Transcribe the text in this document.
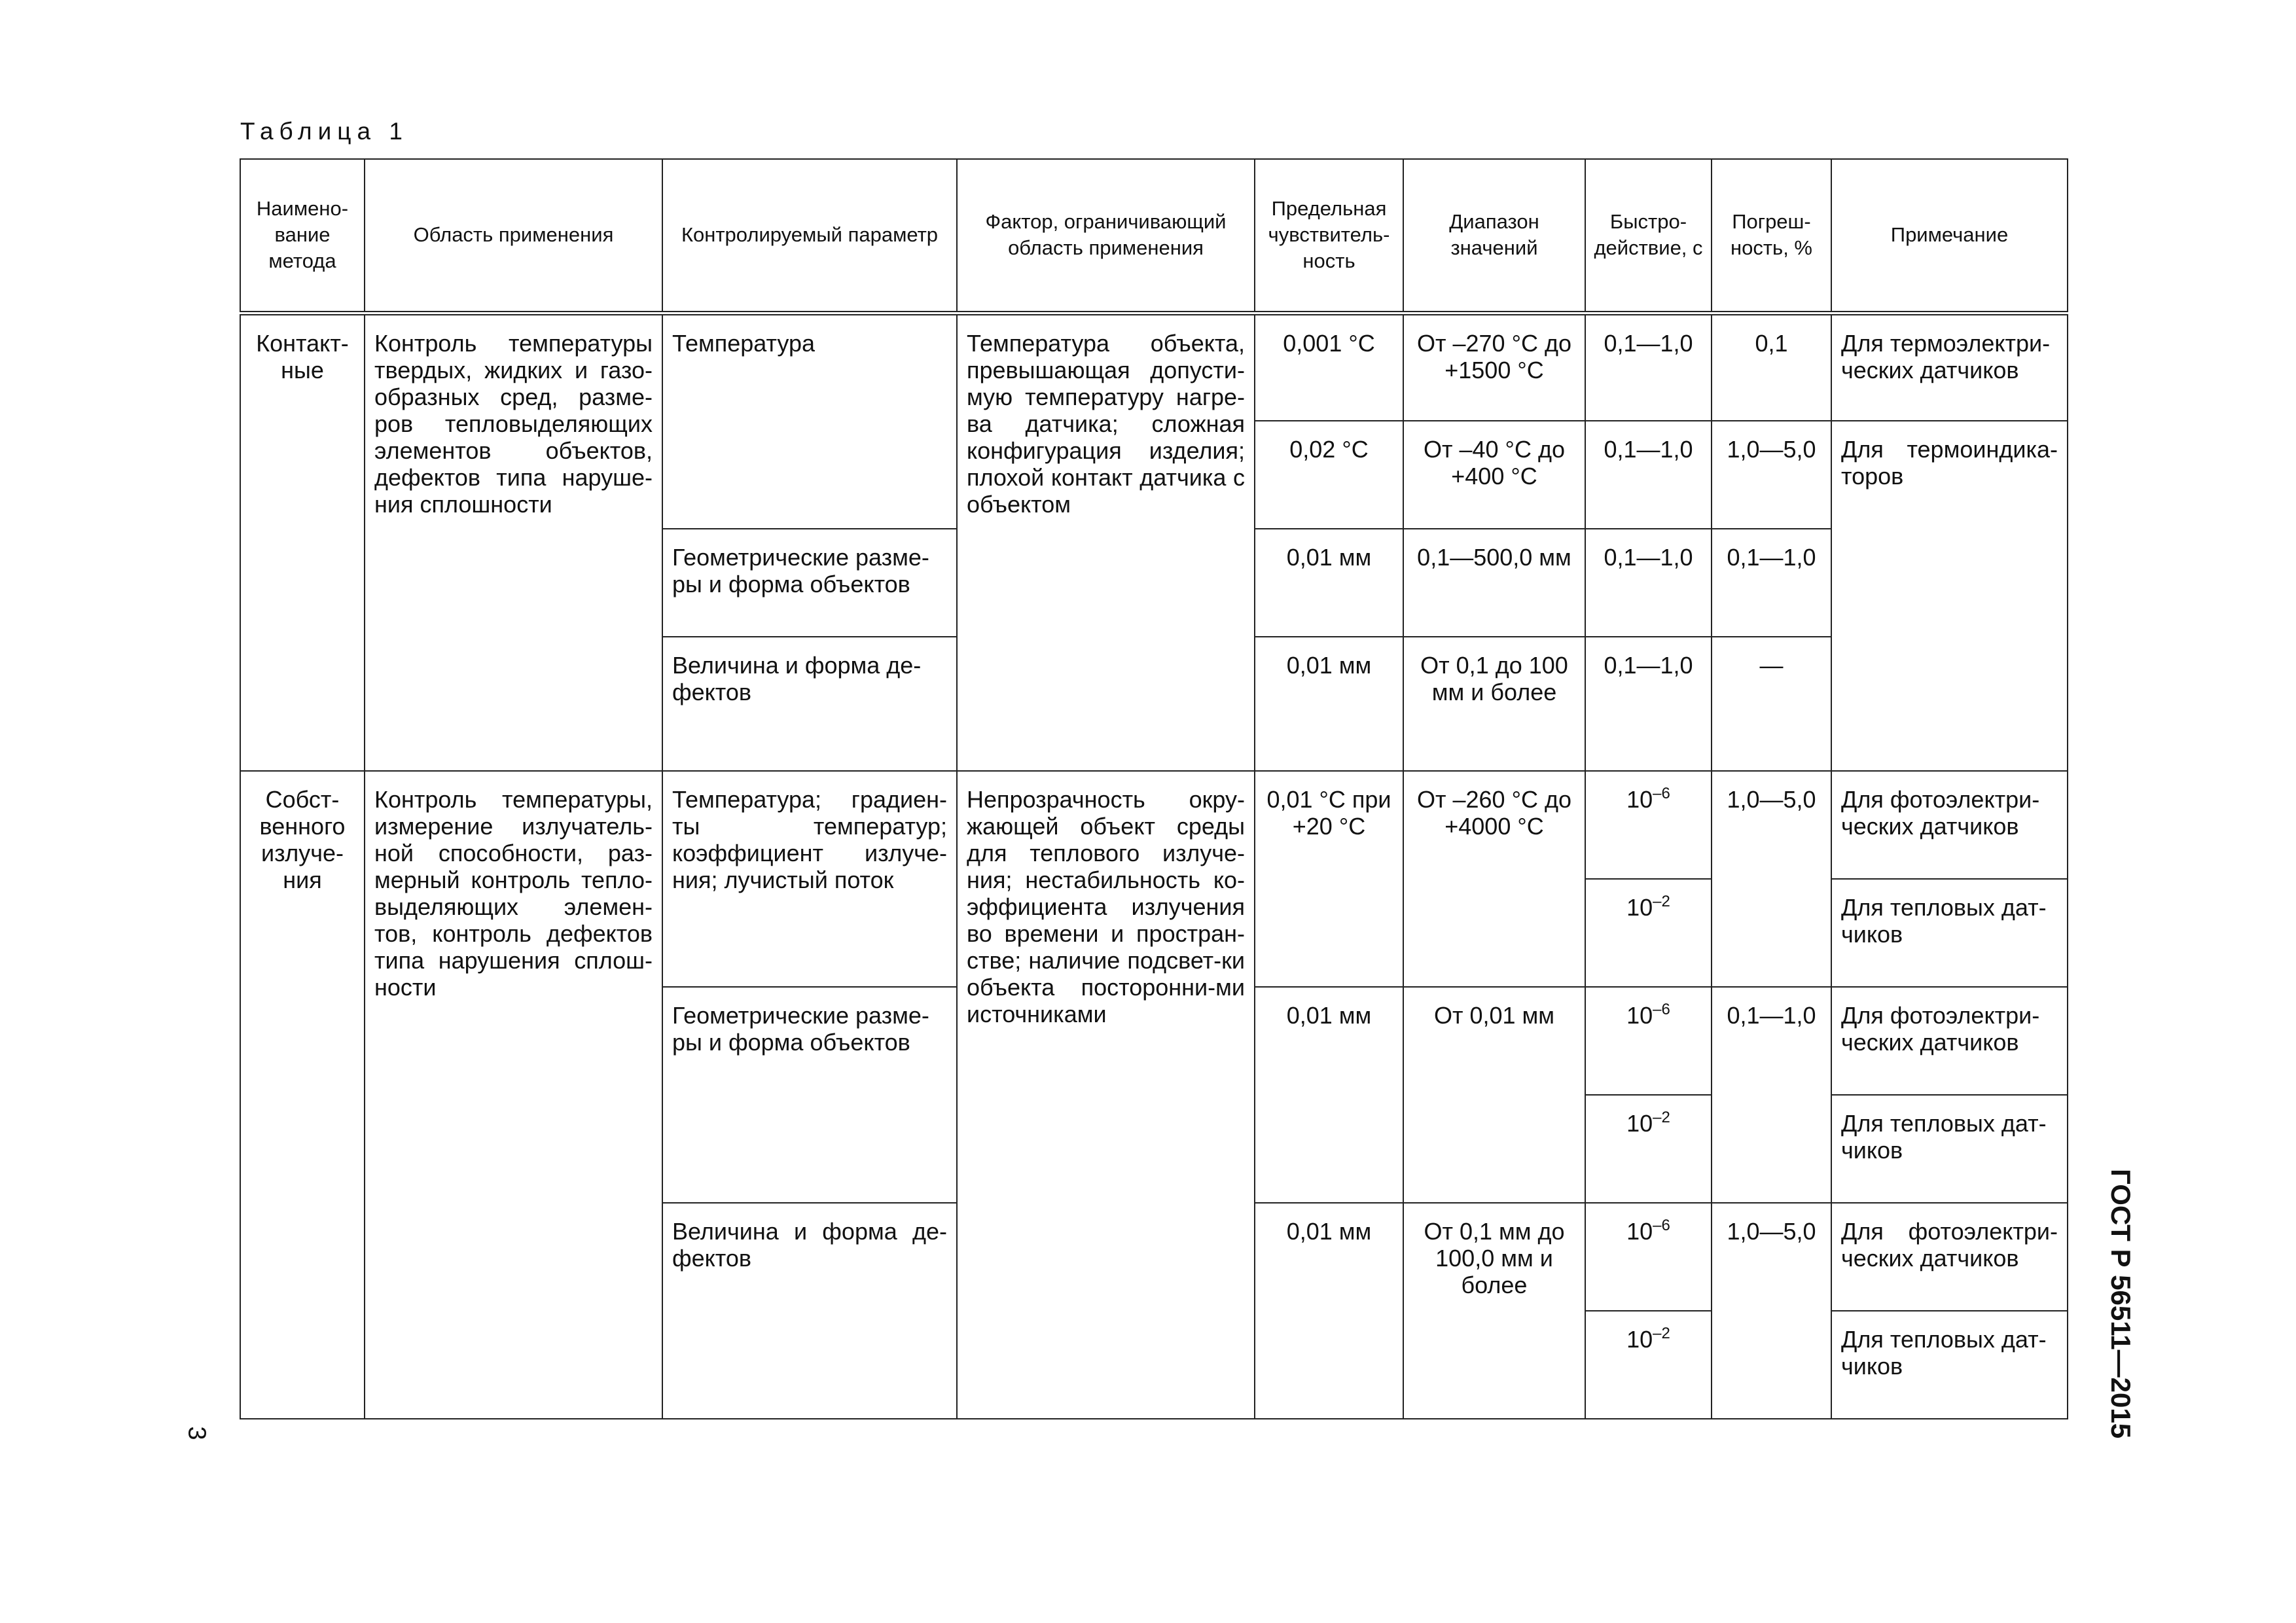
Таблица 1
Наимено-вание метода	Область применения	Контролируемый параметр	Фактор, ограничивающий область применения	Предельная чувствитель-ность	Диапазон значений	Быстро-действие, с	Погреш-ность, %	Примечание
Контакт-ные	Контроль температуры твердых, жидких и газо-образных сред, разме-ров тепловыделяющих элементов объектов, дефектов типа наруше-ния сплошности	Температура	Температура объекта, превышающая допусти-мую температуру нагре-ва датчика; сложная конфигурация изделия; плохой контакт датчика с объектом	0,001 °С	От –270 °С до +1500 °С	0,1—1,0	0,1	Для термоэлектри-ческих датчиков
				0,02 °С	От –40 °С до +400 °С	0,1—1,0	1,0—5,0	Для термоиндика-торов
		Геометрические разме-ры и форма объектов		0,01 мм	0,1—500,0 мм	0,1—1,0	0,1—1,0	
		Величина и форма де-фектов		0,01 мм	От 0,1 до 100 мм и более	0,1—1,0	—	
Собст-венного излуче-ния	Контроль температуры, измерение излучатель-ной способности, раз-мерный контроль тепло-выделяющих элемен-тов, контроль дефектов типа нарушения сплош-ности	Температура; градиен-ты температур; коэффициент излуче-ния; лучистый поток	Непрозрачность окру-жающей объект среды для теплового излуче-ния; нестабильность ко-эффициента излучения во времени и простран-стве; наличие подсвет-ки объекта посторонни-ми источниками	0,01 °С при +20 °С	От –260 °С до +4000 °С	$10^{-6}$	1,0—5,0	Для фотоэлектри-ческих датчиков
						$10^{-2}$		Для тепловых дат-чиков
		Геометрические разме-ры и форма объектов		0,01 мм	От 0,01 мм	$10^{-6}$	0,1—1,0	Для фотоэлектри-ческих датчиков
						$10^{-2}$		Для тепловых дат-чиков
		Величина и форма де-фектов		0,01 мм	От 0,1 мм до 100,0 мм и более	$10^{-6}$	1,0—5,0	Для фотоэлектри-ческих датчиков
						$10^{-2}$		Для тепловых дат-чиков	ГОСТ Р 56511—2015
3
